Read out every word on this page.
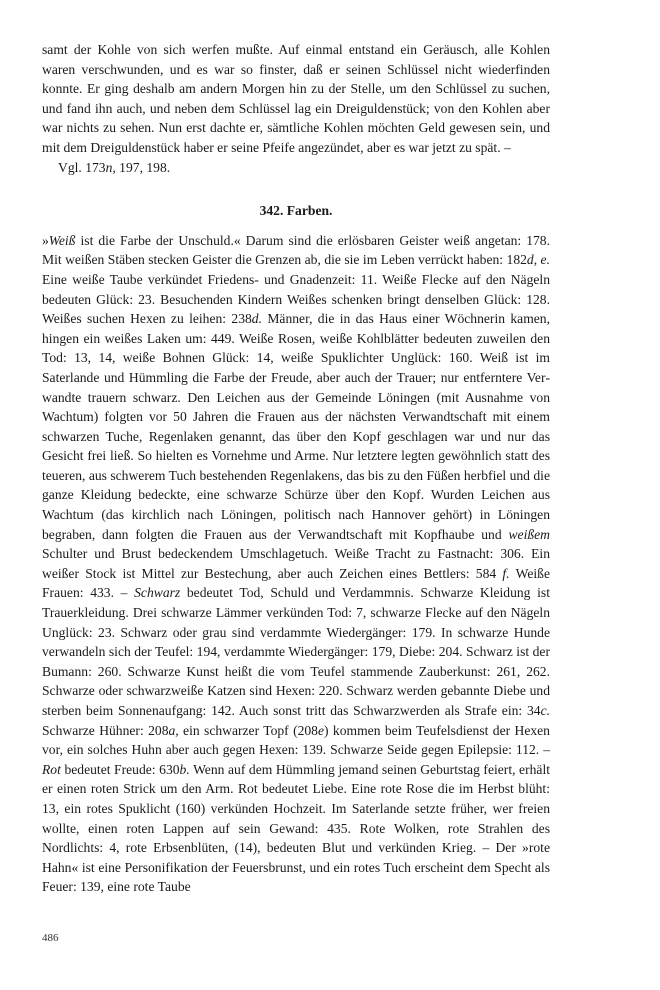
samt der Kohle von sich werfen mußte. Auf einmal entstand ein Geräusch, alle Kohlen waren verschwunden, und es war so finster, daß er seinen Schlüssel nicht wiederfinden konnte. Er ging deshalb am andern Morgen hin zu der Stelle, um den Schlüssel zu suchen, und fand ihn auch, und neben dem Schlüssel lag ein Dreiguldenstück; von den Kohlen aber war nichts zu sehen. Nun erst dachte er, sämtliche Kohlen möchten Geld gewesen sein, und mit dem Dreiguldenstück haber er seine Pfeife angezündet, aber es war jetzt zu spät. –

Vgl. 173n, 197, 198.

342. Farben.

»Weiß ist die Farbe der Unschuld.« Darum sind die erlösbaren Geister weiß angetan: 178. Mit weißen Stäben stecken Geister die Grenzen ab, die sie im Leben verrückt haben: 182d, e. Eine weiße Taube verkündet Friedens- und Gnadenzeit: 11. Weiße Flecke auf den Nägeln bedeuten Glück: 23. Besuchenden Kindern Weißes schenken bringt denselben Glück: 128. Weißes suchen Hexen zu leihen: 238d. Männer, die in das Haus einer Wöchnerin kamen, hingen ein weißes Laken um: 449. Weiße Rosen, weiße Kohlblätter bedeuten zuweilen den Tod: 13, 14, weiße Bohnen Glück: 14, weiße Spuklichter Unglück: 160. Weiß ist im Saterlande und Hümmling die Farbe der Freude, aber auch der Trauer; nur entferntere Verwandte trauern schwarz. Den Leichen aus der Gemeinde Löningen (mit Ausnahme von Wachtum) folgten vor 50 Jahren die Frauen aus der nächsten Verwandtschaft mit einem schwarzen Tuche, Regenlaken genannt, das über den Kopf geschlagen war und nur das Gesicht frei ließ. So hielten es Vornehme und Arme. Nur letztere legten gewöhnlich statt des teueren, aus schwerem Tuch bestehenden Regenlakens, das bis zu den Füßen herbfiel und die ganze Kleidung bedeckte, eine schwarze Schürze über den Kopf. Wurden Leichen aus Wachtum (das kirchlich nach Löningen, politisch nach Hannover gehört) in Löningen begraben, dann folgten die Frauen aus der Verwandtschaft mit Kopfhaube und weißem Schulter und Brust bedeckendem Umschlagetuch. Weiße Tracht zu Fastnacht: 306. Ein weißer Stock ist Mittel zur Bestechung, aber auch Zeichen eines Bettlers: 584 f. Weiße Frauen: 433. – Schwarz bedeutet Tod, Schuld und Verdammnis. Schwarze Kleidung ist Trauerkleidung. Drei schwarze Lämmer verkünden Tod: 7, schwarze Flecke auf den Nägeln Unglück: 23. Schwarz oder grau sind verdammte Wiedergänger: 179. In schwarze Hunde verwandeln sich der Teufel: 194, verdammte Wiedergänger: 179, Diebe: 204. Schwarz ist der Bumann: 260. Schwarze Kunst heißt die vom Teufel stammende Zauberkunst: 261, 262. Schwarze oder schwarzweiße Katzen sind Hexen: 220. Schwarz werden gebannte Diebe und sterben beim Sonnenaufgang: 142. Auch sonst tritt das Schwarzwerden als Strafe ein: 34c. Schwarze Hühner: 208a, ein schwarzer Topf (208e) kommen beim Teufelsdienst der Hexen vor, ein solches Huhn aber auch gegen Hexen: 139. Schwarze Seide gegen Epilepsie: 112. – Rot bedeutet Freude: 630b. Wenn auf dem Hümmling jemand seinen Geburtstag feiert, erhält er einen roten Strick um den Arm. Rot bedeutet Liebe. Eine rote Rose die im Herbst blüht: 13, ein rotes Spuklicht (160) verkünden Hochzeit. Im Saterlande setzte früher, wer freien wollte, einen roten Lappen auf sein Gewand: 435. Rote Wolken, rote Strahlen des Nordlichts: 4, rote Erbsenblüten, (14), bedeuten Blut und verkünden Krieg. – Der »rote Hahn« ist eine Personifikation der Feuersbrunst, und ein rotes Tuch erscheint dem Specht als Feuer: 139, eine rote Taube

486
